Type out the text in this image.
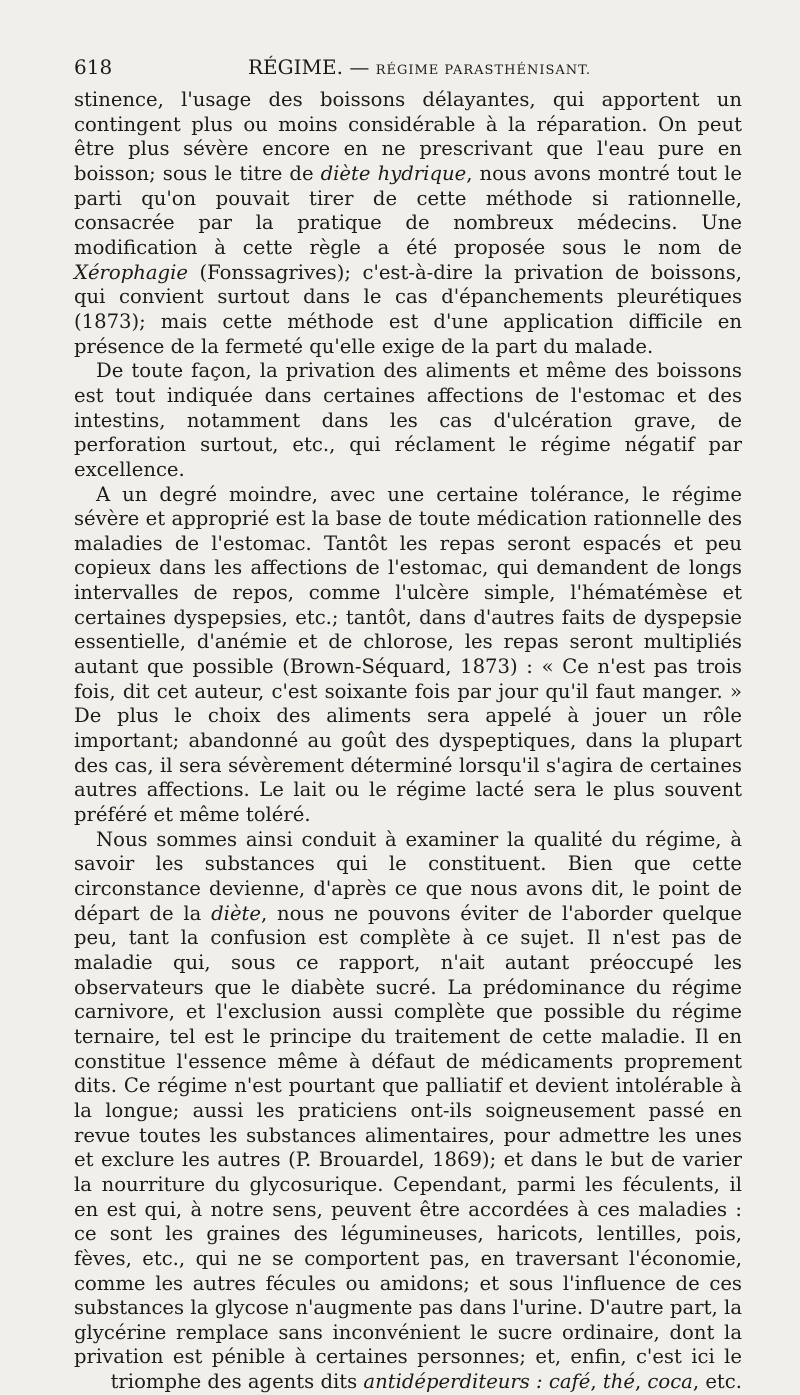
618	RÉGIME. — RÉGIME PARASTHÉNISANT.

stinence, l'usage des boissons délayantes, qui apportent un contingent plus ou moins considérable à la réparation. On peut être plus sévère encore en ne prescrivant que l'eau pure en boisson; sous le titre de diète hydrique, nous avons montré tout le parti qu'on pouvait tirer de cette méthode si rationnelle, consacrée par la pratique de nombreux médecins. Une modification à cette règle a été proposée sous le nom de Xérophagie (Fonssagrives); c'est-à-dire la privation de boissons, qui convient surtout dans le cas d'épanchements pleurétiques (1873); mais cette méthode est d'une application difficile en présence de la fermeté qu'elle exige de la part du malade.

De toute façon, la privation des aliments et même des boissons est tout indiquée dans certaines affections de l'estomac et des intestins, notamment dans les cas d'ulcération grave, de perforation surtout, etc., qui réclament le régime négatif par excellence.

A un degré moindre, avec une certaine tolérance, le régime sévère et approprié est la base de toute médication rationnelle des maladies de l'estomac. Tantôt les repas seront espacés et peu copieux dans les affections de l'estomac, qui demandent de longs intervalles de repos, comme l'ulcère simple, l'hématémèse et certaines dyspepsies, etc.; tantôt, dans d'autres faits de dyspepsie essentielle, d'anémie et de chlorose, les repas seront multipliés autant que possible (Brown-Séquard, 1873) : « Ce n'est pas trois fois, dit cet auteur, c'est soixante fois par jour qu'il faut manger. » De plus le choix des aliments sera appelé à jouer un rôle important; abandonné au goût des dyspeptiques, dans la plupart des cas, il sera sévèrement déterminé lorsqu'il s'agira de certaines autres affections. Le lait ou le régime lacté sera le plus souvent préféré et même toléré.

Nous sommes ainsi conduit à examiner la qualité du régime, à savoir les substances qui le constituent. Bien que cette circonstance devienne, d'après ce que nous avons dit, le point de départ de la diète, nous ne pouvons éviter de l'aborder quelque peu, tant la confusion est complète à ce sujet. Il n'est pas de maladie qui, sous ce rapport, n'ait autant préoccupé les observateurs que le diabète sucré. La prédominance du régime carnivore, et l'exclusion aussi complète que possible du régime ternaire, tel est le principe du traitement de cette maladie. Il en constitue l'essence même à défaut de médicaments proprement dits. Ce régime n'est pourtant que palliatif et devient intolérable à la longue; aussi les praticiens ont-ils soigneusement passé en revue toutes les substances alimentaires, pour admettre les unes et exclure les autres (P. Brouardel, 1869); et dans le but de varier la nourriture du glycosurique. Cependant, parmi les féculents, il en est qui, à notre sens, peuvent être accordées à ces maladies : ce sont les graines des légumineuses, haricots, lentilles, pois, fèves, etc., qui ne se comportent pas, en traversant l'économie, comme les autres fécules ou amidons; et sous l'influence de ces substances la glycose n'augmente pas dans l'urine. D'autre part, la glycérine remplace sans inconvénient le sucre ordinaire, dont la privation est pénible à certaines personnes; et, enfin, c'est ici le triomphe des agents dits antidéperditeurs : café, thé, coca, etc.
